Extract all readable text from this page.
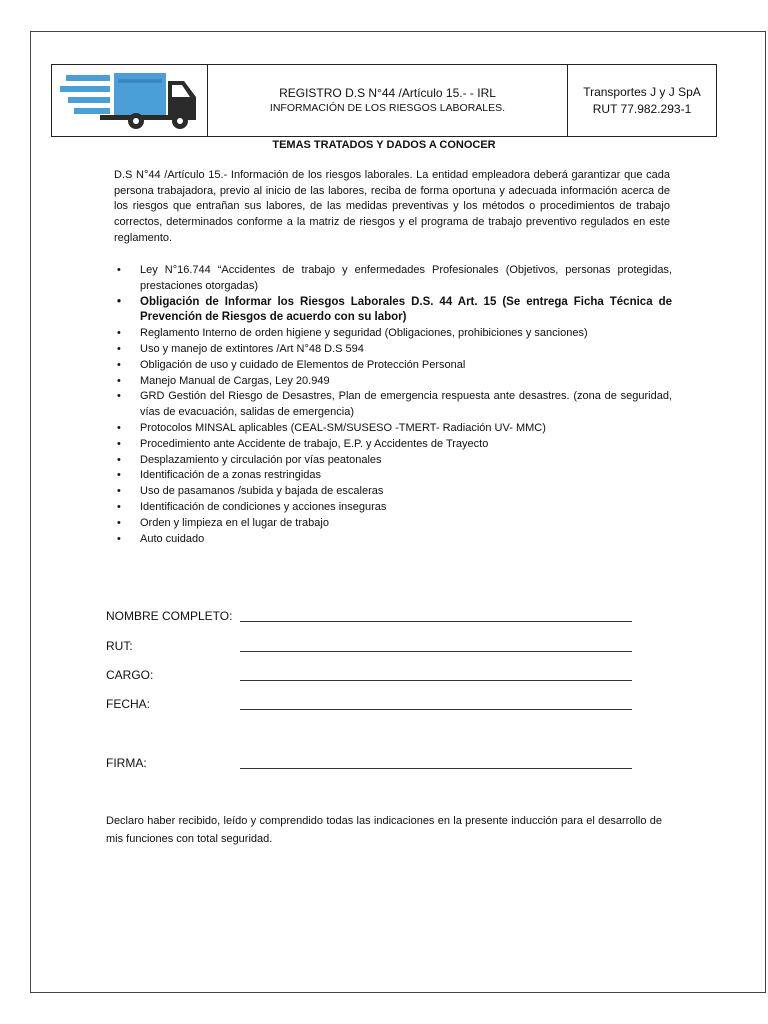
REGISTRO D.S N°44 /Artículo 15.- - IRL
INFORMACIÓN DE LOS RIESGOS LABORALES.
Transportes J y J SpA
RUT 77.982.293-1
TEMAS TRATADOS Y DADOS A CONOCER
D.S N°44 /Artículo 15.- Información de los riesgos laborales. La entidad empleadora deberá garantizar que cada persona trabajadora, previo al inicio de las labores, reciba de forma oportuna y adecuada información acerca de los riesgos que entrañan sus labores, de las medidas preventivas y los métodos o procedimientos de trabajo correctos, determinados conforme a la matriz de riesgos y el programa de trabajo preventivo regulados en este reglamento.
• Ley N°16.744 “Accidentes de trabajo y enfermedades Profesionales (Objetivos, personas protegidas, prestaciones otorgadas)
• Obligación de Informar los Riesgos Laborales D.S. 44 Art. 15 (Se entrega Ficha Técnica de Prevención de Riesgos de acuerdo con su labor)
• Reglamento Interno de orden higiene y seguridad (Obligaciones, prohibiciones y sanciones)
• Uso y manejo de extintores /Art N°48 D.S 594
• Obligación de uso y cuidado de Elementos de Protección Personal
• Manejo Manual de Cargas, Ley 20.949
• GRD Gestión del Riesgo de Desastres, Plan de emergencia respuesta ante desastres. (zona de seguridad, vías de evacuación, salidas de emergencia)
• Protocolos MINSAL aplicables (CEAL-SM/SUSESO -TMERT- Radiación UV- MMC)
• Procedimiento ante Accidente de trabajo, E.P. y Accidentes de Trayecto
• Desplazamiento y circulación por vías peatonales
• Identificación de a zonas restringidas
• Uso de pasamanos /subida y bajada de escaleras
• Identificación de condiciones y acciones inseguras
• Orden y limpieza en el lugar de trabajo
• Auto cuidado
NOMBRE COMPLETO:
RUT:
CARGO:
FECHA:
FIRMA:
Declaro haber recibido, leído y comprendido todas las indicaciones en la presente inducción para el desarrollo de mis funciones con total seguridad.
